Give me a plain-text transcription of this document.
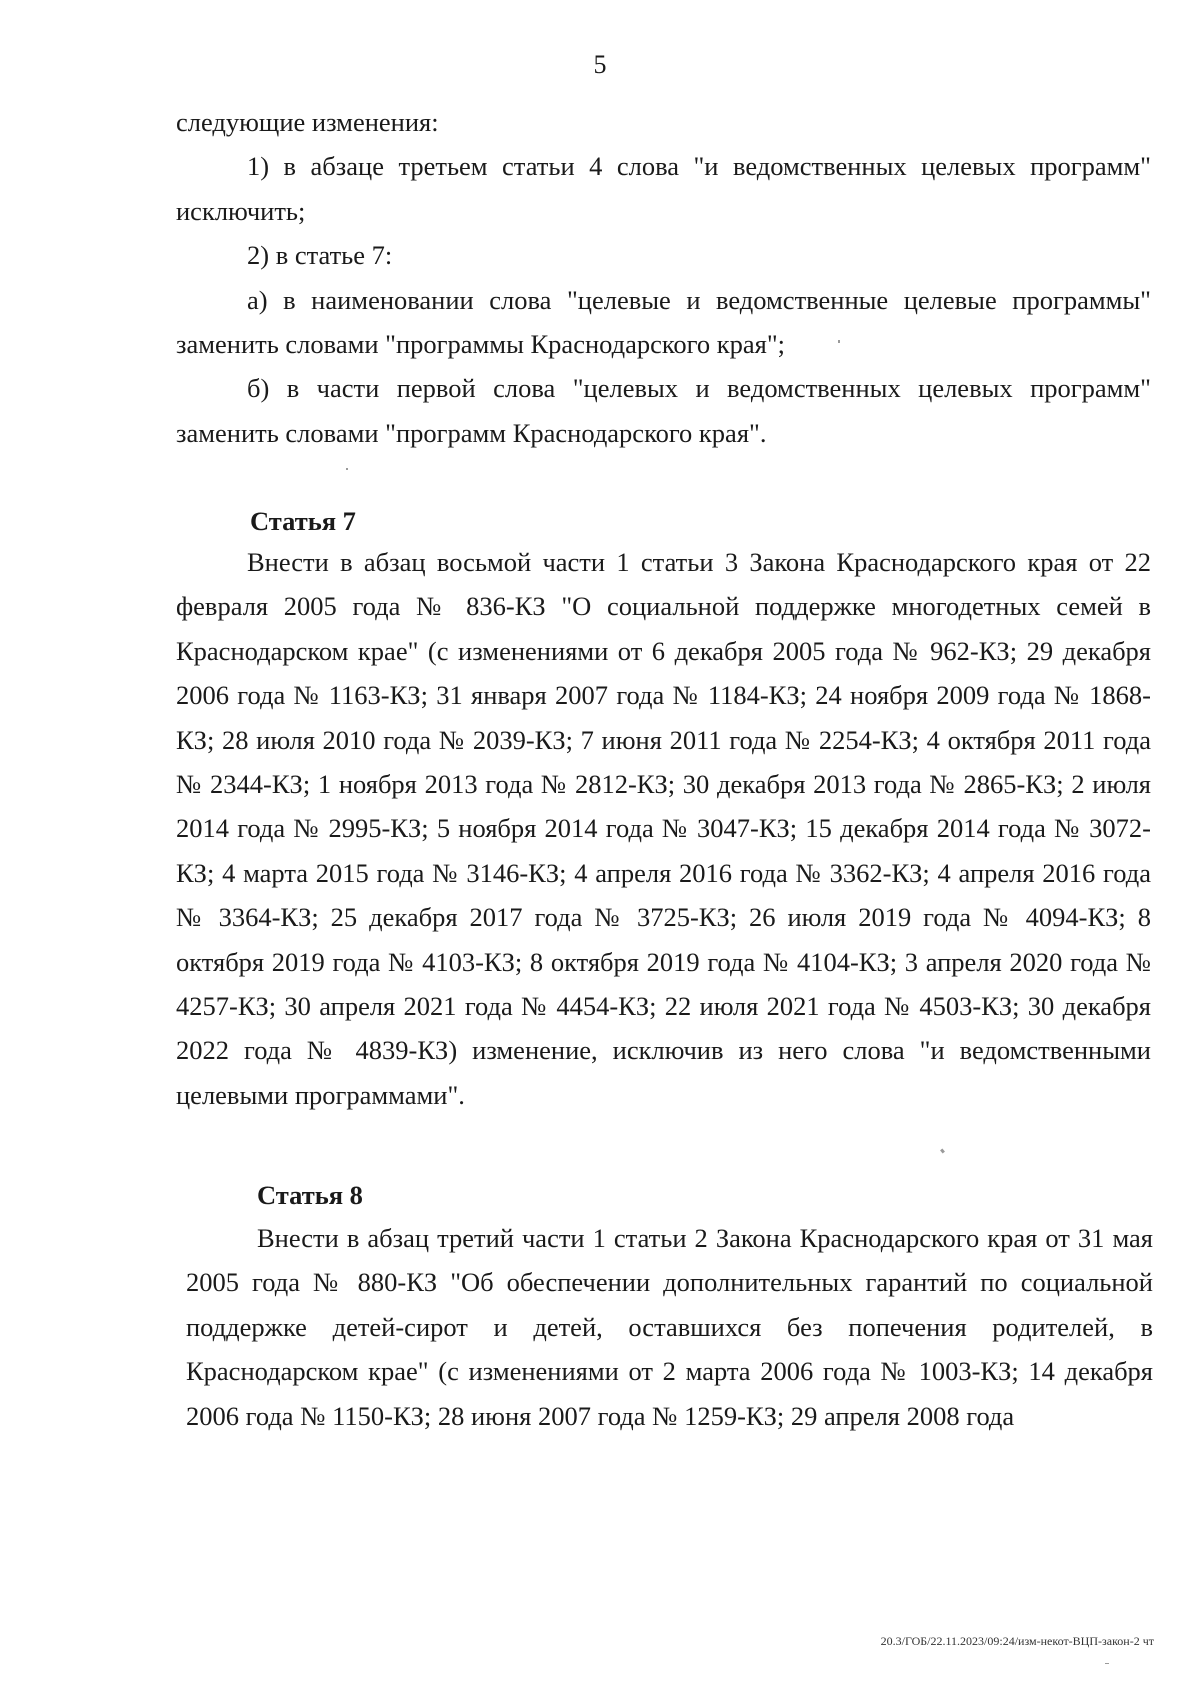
5

следующие изменения:

1) в абзаце третьем статьи 4 слова "и ведомственных целевых программ" исключить;

2) в статье 7:

а) в наименовании слова "целевые и ведомственные целевые программы" заменить словами "программы Краснодарского края";

б) в части первой слова "целевых и ведомственных целевых программ" заменить словами "программ Краснодарского края".

Статья 7

Внести в абзац восьмой части 1 статьи 3 Закона Краснодарского края от 22 февраля 2005 года № 836-КЗ "О социальной поддержке многодетных семей в Краснодарском крае" (с изменениями от 6 декабря 2005 года № 962-КЗ; 29 декабря 2006 года № 1163-КЗ; 31 января 2007 года № 1184-КЗ; 24 ноября 2009 года № 1868-КЗ; 28 июля 2010 года № 2039-КЗ; 7 июня 2011 года № 2254-КЗ; 4 октября 2011 года № 2344-КЗ; 1 ноября 2013 года № 2812-КЗ; 30 декабря 2013 года № 2865-КЗ; 2 июля 2014 года № 2995-КЗ; 5 ноября 2014 года № 3047-КЗ; 15 декабря 2014 года № 3072-КЗ; 4 марта 2015 года № 3146-КЗ; 4 апреля 2016 года № 3362-КЗ; 4 апреля 2016 года № 3364-КЗ; 25 декабря 2017 года № 3725-КЗ; 26 июля 2019 года № 4094-КЗ; 8 октября 2019 года № 4103-КЗ; 8 октября 2019 года № 4104-КЗ; 3 апреля 2020 года № 4257-КЗ; 30 апреля 2021 года № 4454-КЗ; 22 июля 2021 года № 4503-КЗ; 30 декабря 2022 года № 4839-КЗ) изменение, исключив из него слова "и ведомственными целевыми программами".

Статья 8

Внести в абзац третий части 1 статьи 2 Закона Краснодарского края от 31 мая 2005 года № 880-КЗ "Об обеспечении дополнительных гарантий по социальной поддержке детей-сирот и детей, оставшихся без попечения родителей, в Краснодарском крае" (с изменениями от 2 марта 2006 года № 1003-КЗ; 14 декабря 2006 года № 1150-КЗ; 28 июня 2007 года № 1259-КЗ; 29 апреля 2008 года

20.3/ГОБ/22.11.2023/09:24/изм-некот-ВЦП-закон-2 чт
